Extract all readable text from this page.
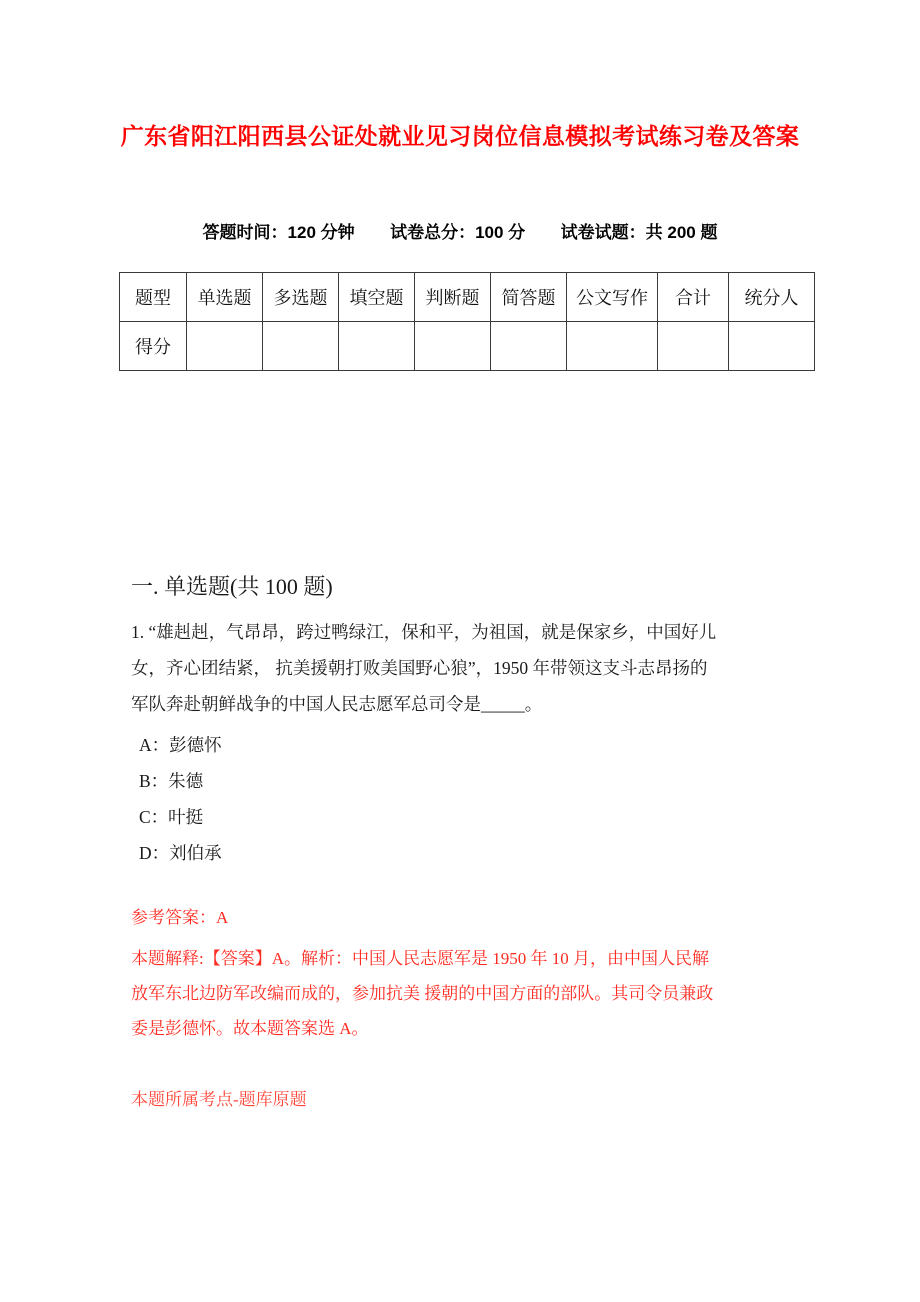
广东省阳江阳西县公证处就业见习岗位信息模拟考试练习卷及答案
答题时间：120 分钟 试卷总分：100 分 试卷试题：共 200 题
题型	单选题	多选题	填空题	判断题	简答题	公文写作	合计	统分人
得分								
一. 单选题(共 100 题)
1. “雄赳赳，气昂昂，跨过鸭绿江，保和平，为祖国，就是保家乡，中国好儿
女，齐心团结紧， 抗美援朝打败美国野心狼”，1950 年带领这支斗志昂扬的
军队奔赴朝鲜战争的中国人民志愿军总司令是_____。
A：彭德怀
B：朱德
C：叶挺
D：刘伯承
参考答案：A
本题解释:【答案】A。解析：中国人民志愿军是 1950 年 10 月，由中国人民解
放军东北边防军改编而成的，参加抗美 援朝的中国方面的部队。其司令员兼政
委是彭德怀。故本题答案选 A。
本题所属考点-题库原题
